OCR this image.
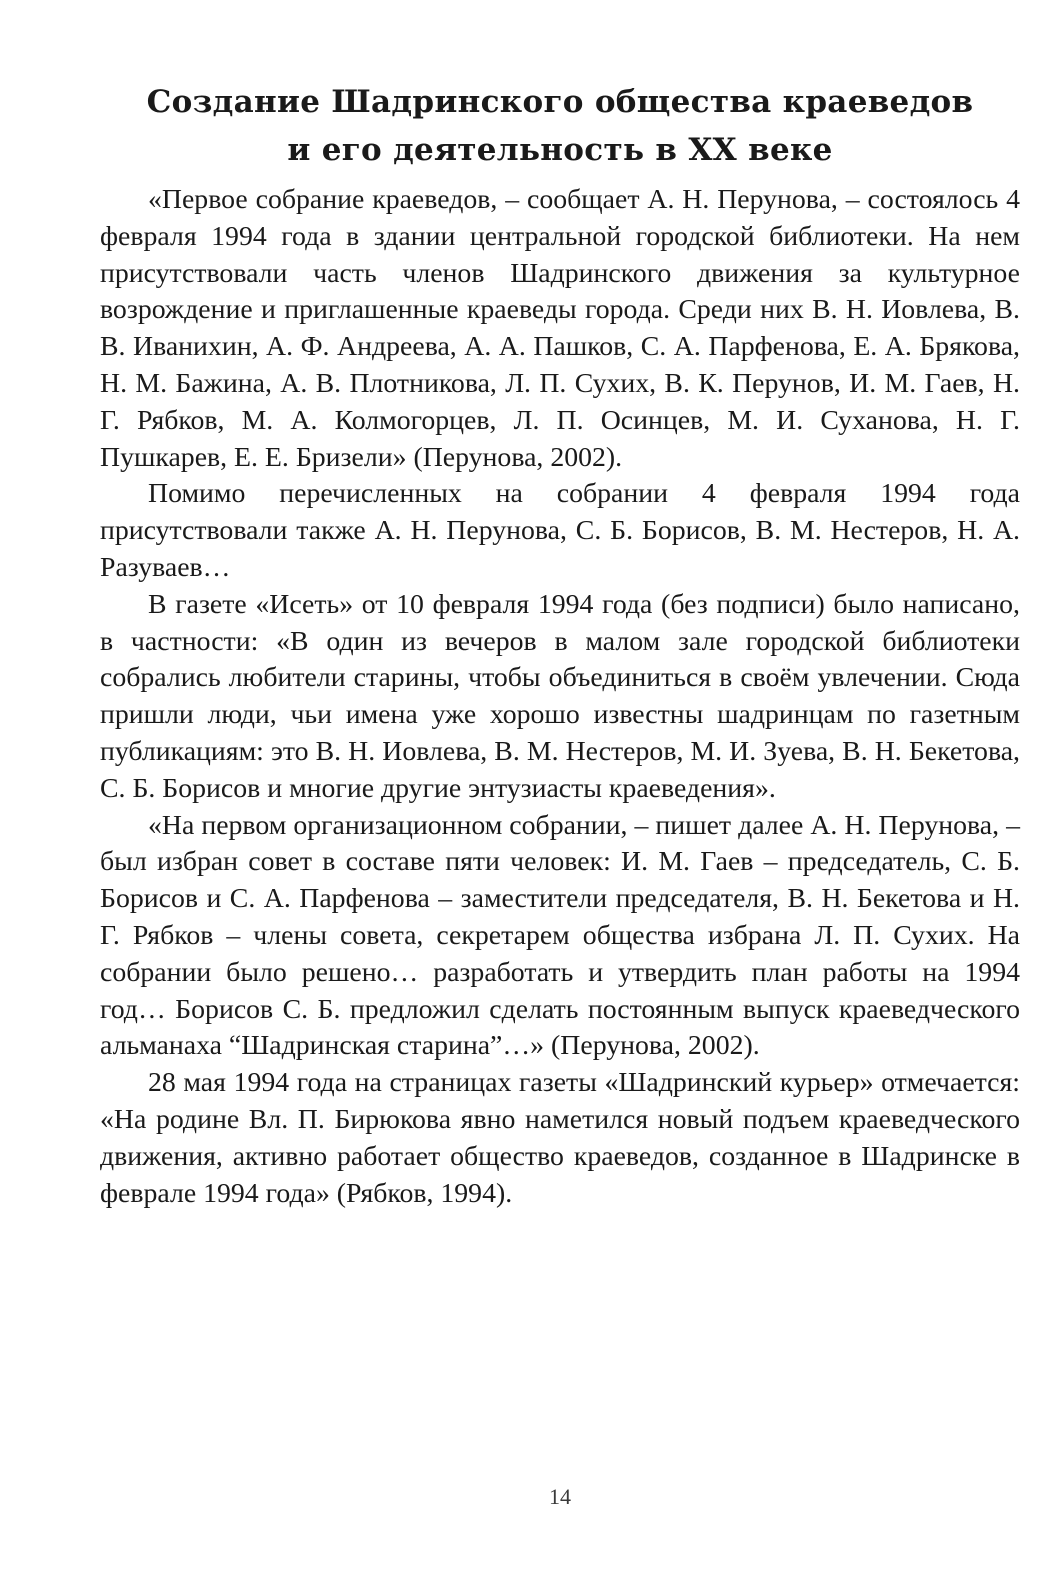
Создание Шадринского общества краеведов
и его деятельность в XX веке

«Первое собрание краеведов, – сообщает А. Н. Перунова, – состоялось 4 февраля 1994 года в здании центральной городской библиотеки. На нем присутствовали часть членов Шадринского движения за культурное возрождение и приглашенные краеведы города. Среди них В. Н. Иовлева, В. В. Иванихин, А. Ф. Андреева, А. А. Пашков, С. А. Парфенова, Е. А. Брякова, Н. М. Бажина, А. В. Плотникова, Л. П. Сухих, В. К. Перунов, И. М. Гаев, Н. Г. Рябков, М. А. Колмогорцев, Л. П. Осинцев, М. И. Суханова, Н. Г. Пушкарев, Е. Е. Бризели» (Перунова, 2002).

Помимо перечисленных на собрании 4 февраля 1994 года присутствовали также А. Н. Перунова, С. Б. Борисов, В. М. Нестеров, Н. А. Разуваев…

В газете «Исеть» от 10 февраля 1994 года (без подписи) было написано, в частности: «В один из вечеров в малом зале городской библиотеки собрались любители старины, чтобы объединиться в своём увлечении. Сюда пришли люди, чьи имена уже хорошо известны шадринцам по газетным публикациям: это В. Н. Иовлева, В. М. Нестеров, М. И. Зуева, В. Н. Бекетова, С. Б. Борисов и многие другие энтузиасты краеведения».

«На первом организационном собрании, – пишет далее А. Н. Перунова, – был избран совет в составе пяти человек: И. М. Гаев – председатель, С. Б. Борисов и С. А. Парфенова – заместители председателя, В. Н. Бекетова и Н. Г. Рябков – члены совета, секретарем общества избрана Л. П. Сухих. На собрании было решено… разработать и утвердить план работы на 1994 год… Борисов С. Б. предложил сделать постоянным выпуск краеведческого альманаха “Шадринская старина”…» (Перунова, 2002).

28 мая 1994 года на страницах газеты «Шадринский курьер» отмечается: «На родине Вл. П. Бирюкова явно наметился новый подъем краеведческого движения, активно работает общество краеведов, созданное в Шадринске в феврале 1994 года» (Рябков, 1994).

14
